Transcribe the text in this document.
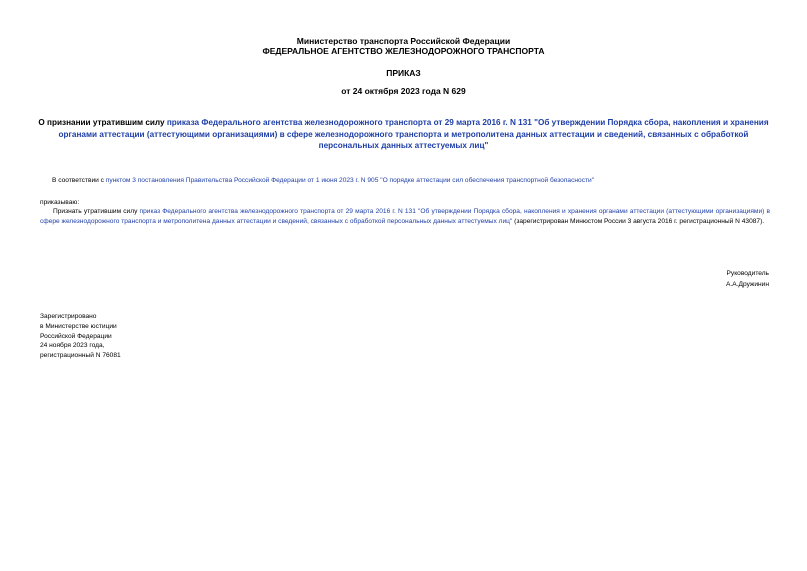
Министерство транспорта Российской Федерации
ФЕДЕРАЛЬНОЕ АГЕНТСТВО ЖЕЛЕЗНОДОРОЖНОГО ТРАНСПОРТА
ПРИКАЗ
от 24 октября 2023 года N 629
О признании утратившим силу приказа Федерального агентства железнодорожного транспорта от 29 марта 2016 г. N 131 "Об утверждении Порядка сбора, накопления и хранения органами аттестации (аттестующими организациями) в сфере железнодорожного транспорта и метрополитена данных аттестации и сведений, связанных с обработкой персональных данных аттестуемых лиц"
В соответствии с пунктом 3 постановления Правительства Российской Федерации от 1 июня 2023 г. N 905 "О порядке аттестации сил обеспечения транспортной безопасности"
приказываю:
Признать утратившим силу приказ Федерального агентства железнодорожного транспорта от 29 марта 2016 г. N 131 "Об утверждении Порядка сбора, накопления и хранения органами аттестации (аттестующими организациями) в сфере железнодорожного транспорта и метрополитена данных аттестации и сведений, связанных с обработкой персональных данных аттестуемых лиц" (зарегистрирован Минюстом России 3 августа 2016 г. регистрационный N 43087).
Руководитель
А.А.Дружинин
Зарегистрировано
в Министерстве юстиции
Российской Федерации
24 ноября 2023 года,
регистрационный N 76081
